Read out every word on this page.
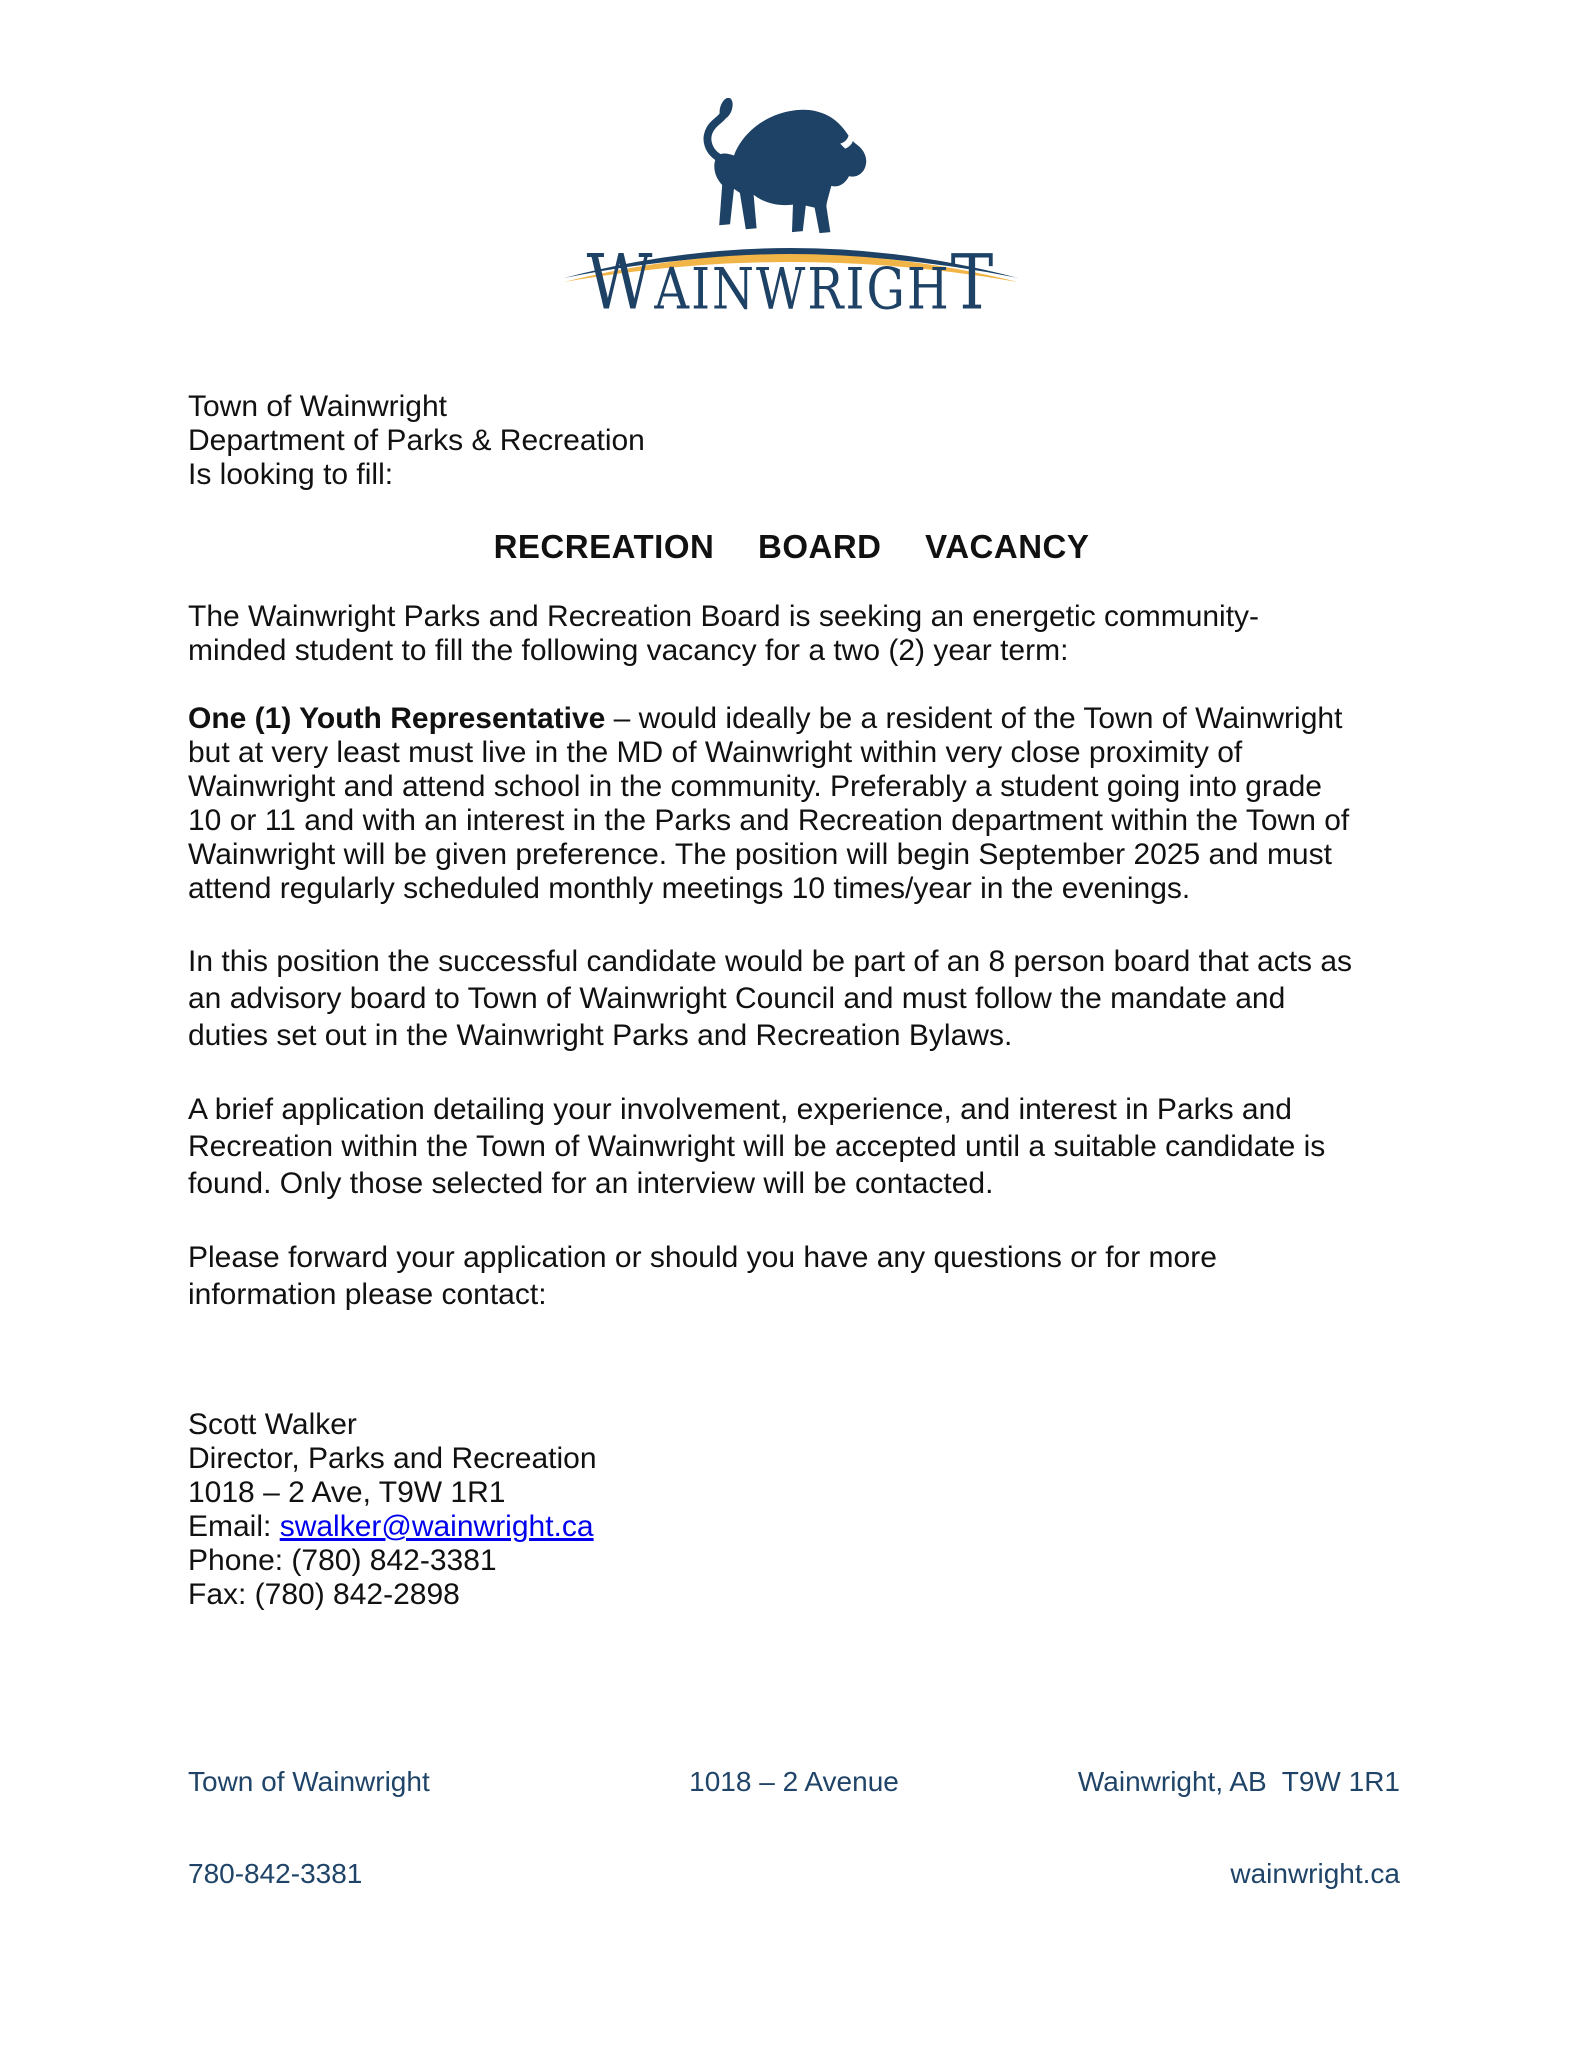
WAINWRIGHT
Town of Wainwright
Department of Parks & Recreation
Is looking to fill:
RECREATION BOARD VACANCY
The Wainwright Parks and Recreation Board is seeking an energetic community-
minded student to fill the following vacancy for a two (2) year term:
One (1) Youth Representative – would ideally be a resident of the Town of Wainwright
but at very least must live in the MD of Wainwright within very close proximity of
Wainwright and attend school in the community. Preferably a student going into grade
10 or 11 and with an interest in the Parks and Recreation department within the Town of
Wainwright will be given preference. The position will begin September 2025 and must
attend regularly scheduled monthly meetings 10 times/year in the evenings.
In this position the successful candidate would be part of an 8 person board that acts as
an advisory board to Town of Wainwright Council and must follow the mandate and
duties set out in the Wainwright Parks and Recreation Bylaws.
A brief application detailing your involvement, experience, and interest in Parks and
Recreation within the Town of Wainwright will be accepted until a suitable candidate is
found. Only those selected for an interview will be contacted.
Please forward your application or should you have any questions or for more
information please contact:
Scott Walker
Director, Parks and Recreation
1018 – 2 Ave, T9W 1R1
Email: swalker@wainwright.ca
Phone: (780) 842-3381
Fax: (780) 842-2898
Town of Wainwright	1018 – 2 Avenue	Wainwright, AB  T9W 1R1
780-842-3381	wainwright.ca
